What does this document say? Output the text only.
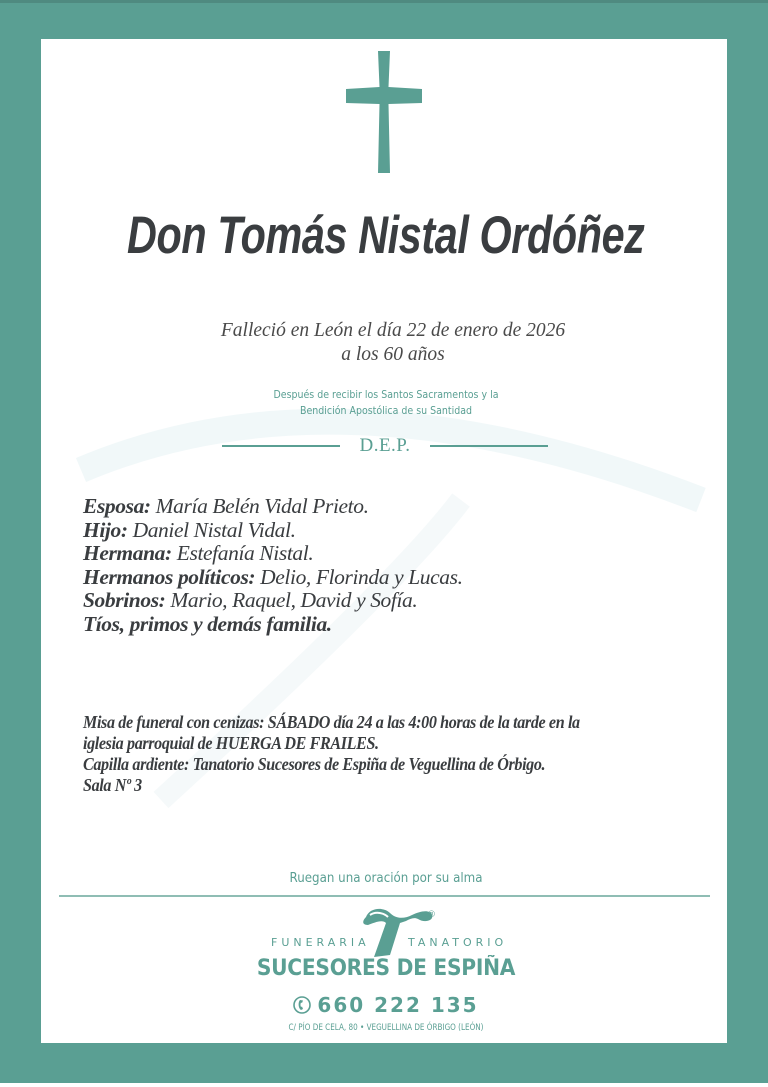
Don Tomás Nistal Ordóñez
Falleció en León el día 22 de enero de 2026
a los 60 años
Después de recibir los Santos Sacramentos y la
Bendición Apostólica de su Santidad
D.E.P.
Esposa: María Belén Vidal Prieto.
Hijo: Daniel Nistal Vidal.
Hermana: Estefanía Nistal.
Hermanos políticos: Delio, Florinda y Lucas.
Sobrinos: Mario, Raquel, David y Sofía.
Tíos, primos y demás familia.
Misa de funeral con cenizas: SÁBADO día 24 a las 4:00 horas de la tarde en la
iglesia parroquial de HUERGA DE FRAILES.
Capilla ardiente: Tanatorio Sucesores de Espiña de Veguellina de Órbigo.
Sala Nº 3
Ruegan una oración por su alma
®
FUNERARIA	TANATORIO
SUCESORES DE ESPIÑA
660 222 135
C/ PÍO DE CELA, 80 • VEGUELLINA DE ÓRBIGO (LEÓN)
